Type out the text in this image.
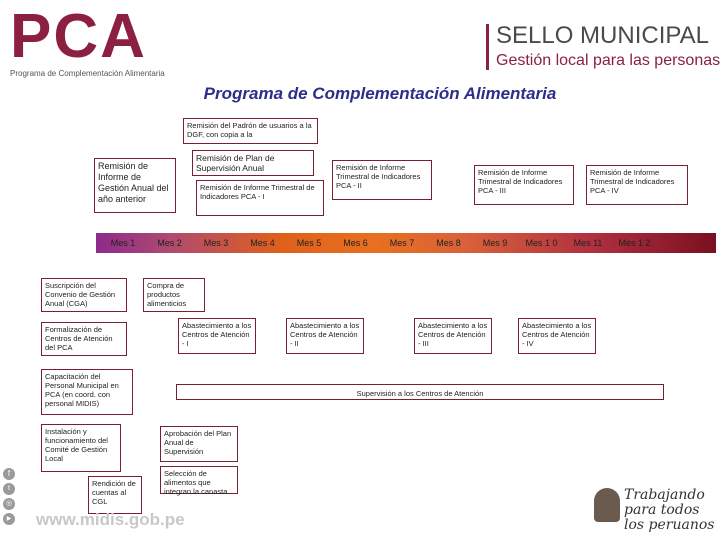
PCA
Programa de Complementación Alimentaria
SELLO MUNICIPAL
Gestión local para las personas
Programa de Complementación Alimentaria
Remisión del Padrón de usuarios a la DGF, con copia a la
Remisión de Informe de Gestión Anual del año anterior
Remisión de Plan de Supervisión Anual
Remisión de Informe Trimestral de Indicadores PCA - I
Remisión de Informe Trimestral de Indicadores PCA - II
Remisión de Informe Trimestral de Indicadores PCA - III
Remisión de Informe Trimestral de Indicadores PCA - IV
Mes 1	Mes 2	Mes 3	Mes 4	Mes 5	Mes 6	Mes 7	Mes 8	Mes 9	Mes 1 0	Mes 11	Mes 1 2
Suscripción del Convenio de Gestión Anual (CGA)
Compra de productos alimenticios
Formalización de Centros de Atención del PCA
Abastecimiento a los Centros de Atención - I
Abastecimiento a los Centros de Atención - II
Abastecimiento a los Centros de Atención - III
Abastecimiento a los Centros de Atención - IV
Capacitación del Personal Municipal en PCA (en coord. con personal MIDIS)
Supervisión a los Centros de Atención
Instalación y funcionamiento del Comité de Gestión Local
Rendición de cuentas al CGL
Aprobación del Plan Anual de Supervisión
Selección de alimentos que integran la canasta
f
t
◎
▶ www.midis.gob.pe
Trabajando para todos los peruanos
